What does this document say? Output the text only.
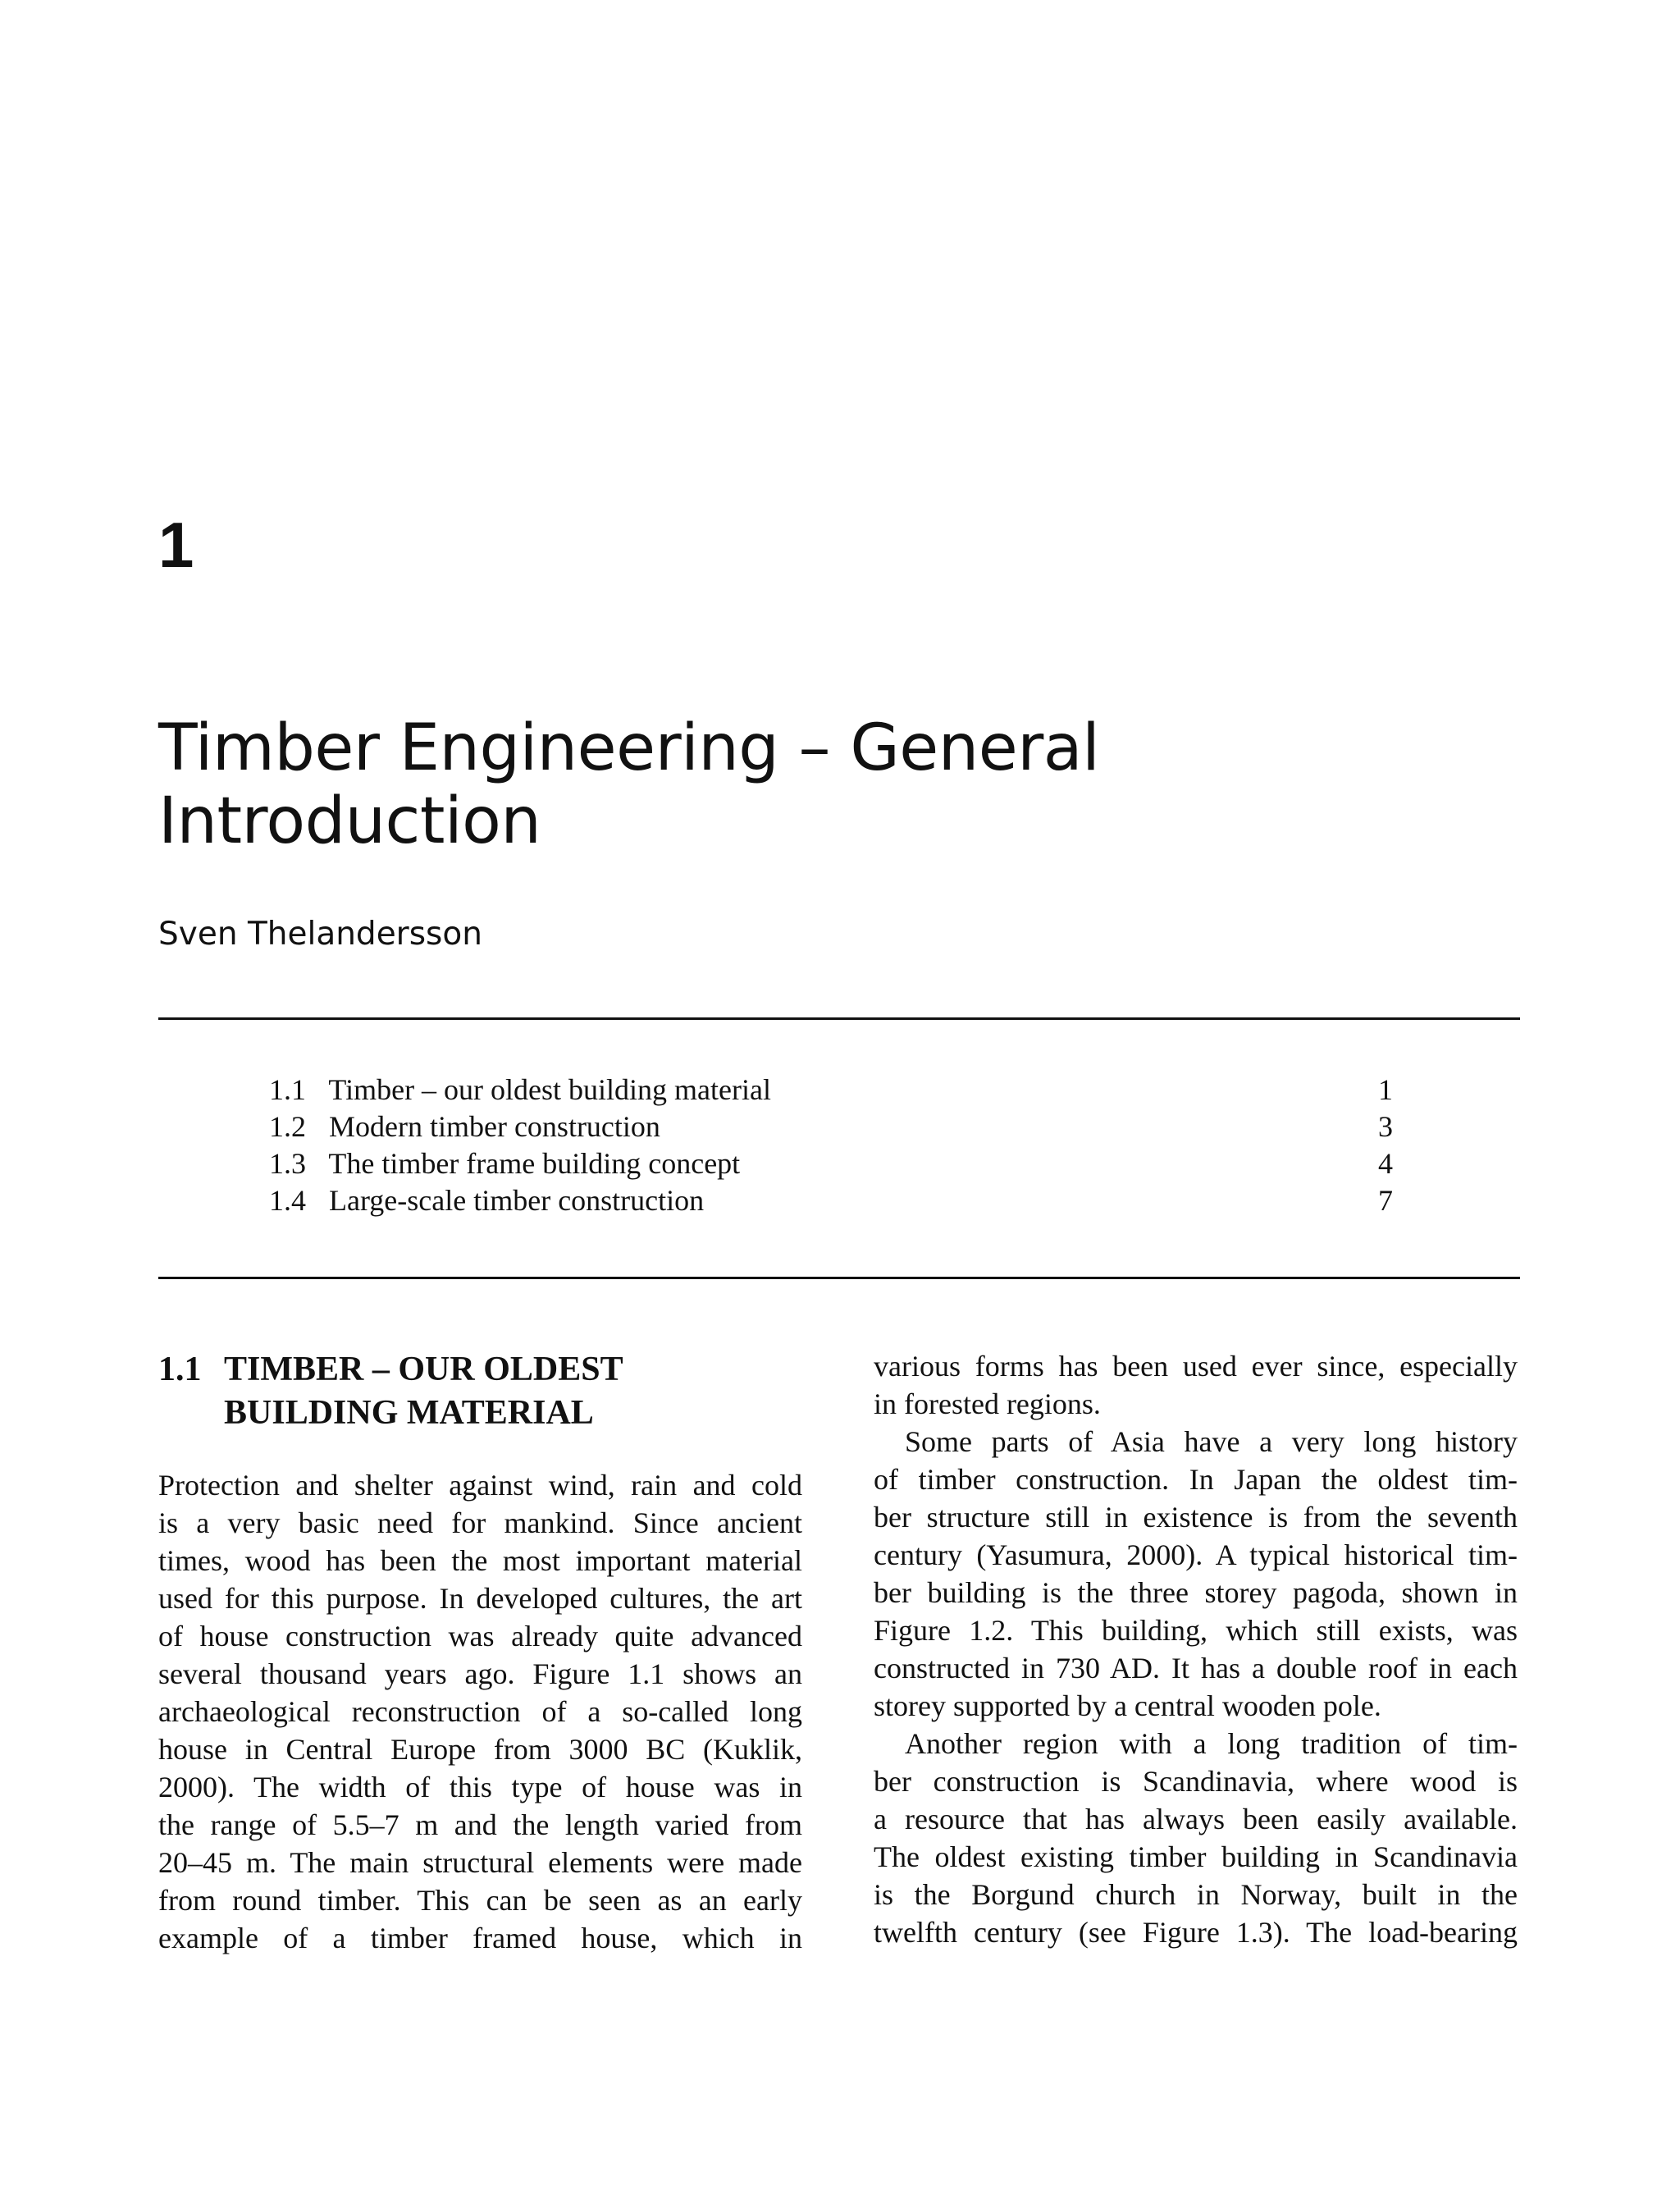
1
Timber Engineering – General
Introduction
Sven Thelandersson
1.1 Timber – our oldest building material	1
1.2 Modern timber construction	3
1.3 The timber frame building concept	4
1.4 Large-scale timber construction	7
1.1 TIMBER – OUR OLDEST
BUILDING MATERIAL
Protection and shelter against wind, rain and cold
is a very basic need for mankind. Since ancient
times, wood has been the most important material
used for this purpose. In developed cultures, the art
of house construction was already quite advanced
several thousand years ago. Figure 1.1 shows an
archaeological reconstruction of a so-called long
house in Central Europe from 3000 BC (Kuklik,
2000). The width of this type of house was in
the range of 5.5–7 m and the length varied from
20–45 m. The main structural elements were made
from round timber. This can be seen as an early
example of a timber framed house, which in
various forms has been used ever since, especially
in forested regions.
Some parts of Asia have a very long history
of timber construction. In Japan the oldest tim-
ber structure still in existence is from the seventh
century (Yasumura, 2000). A typical historical tim-
ber building is the three storey pagoda, shown in
Figure 1.2. This building, which still exists, was
constructed in 730 AD. It has a double roof in each
storey supported by a central wooden pole.
Another region with a long tradition of tim-
ber construction is Scandinavia, where wood is
a resource that has always been easily available.
The oldest existing timber building in Scandinavia
is the Borgund church in Norway, built in the
twelfth century (see Figure 1.3). The load-bearing
